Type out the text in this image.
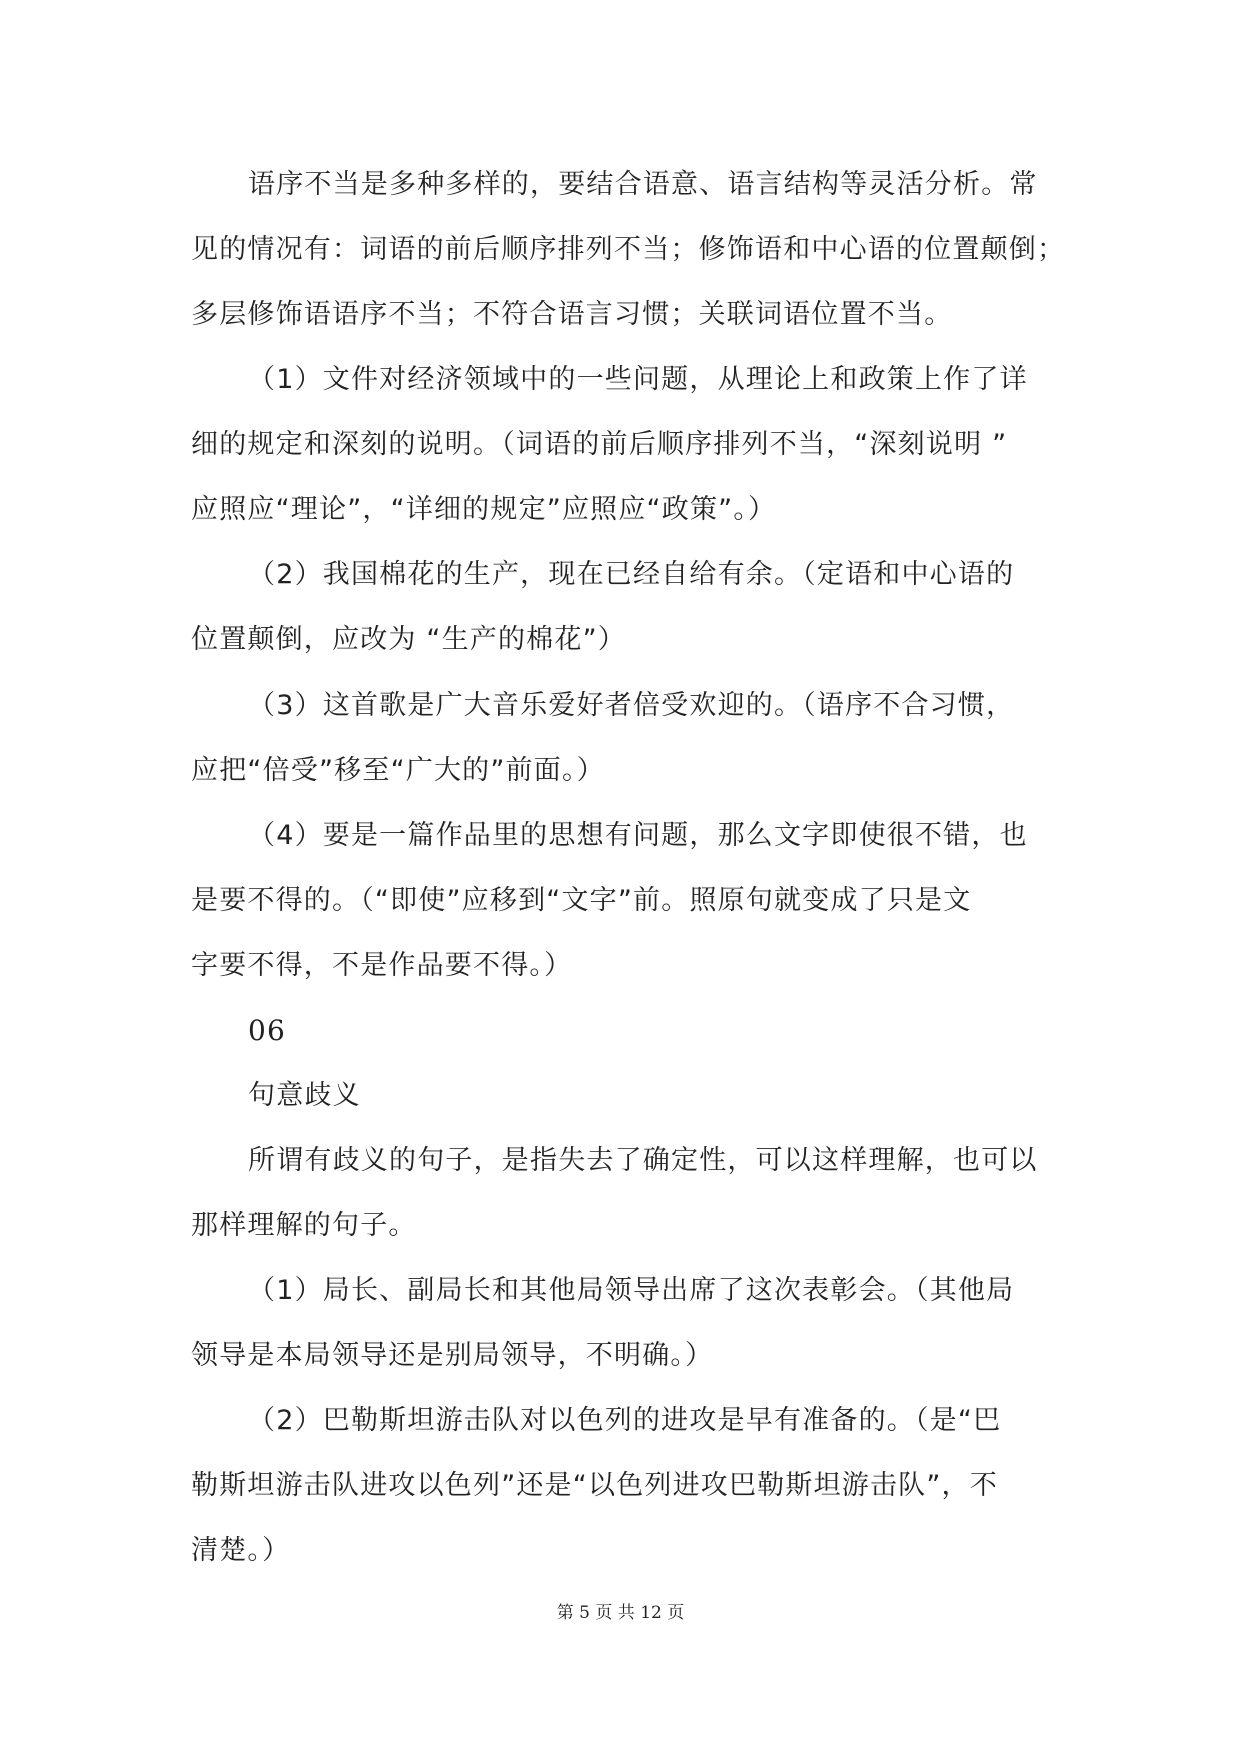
语序不当是多种多样的，要结合语意、语言结构等灵活分析。常
见的情况有：词语的前后顺序排列不当；修饰语和中心语的位置颠倒；
多层修饰语语序不当；不符合语言习惯；关联词语位置不当。
（1）文件对经济领域中的一些问题，从理论上和政策上作了详
细的规定和深刻的说明。（词语的前后顺序排列不当，“深刻说明 ”
应照应“理论”，“详细的规定”应照应“政策”。）
（2）我国棉花的生产，现在已经自给有余。（定语和中心语的
位置颠倒，应改为 “生产的棉花”）
（3）这首歌是广大音乐爱好者倍受欢迎的。（语序不合习惯，
应把“倍受”移至“广大的”前面。）
（4）要是一篇作品里的思想有问题，那么文字即使很不错，也
是要不得的。（“即使”应移到“文字”前。照原句就变成了只是文
字要不得，不是作品要不得。）
06
句意歧义
所谓有歧义的句子，是指失去了确定性，可以这样理解，也可以
那样理解的句子。
（1）局长、副局长和其他局领导出席了这次表彰会。（其他局
领导是本局领导还是别局领导，不明确。）
（2）巴勒斯坦游击队对以色列的进攻是早有准备的。（是“巴
勒斯坦游击队进攻以色列”还是“以色列进攻巴勒斯坦游击队”，不
清楚。）
第 5 页 共 12 页
